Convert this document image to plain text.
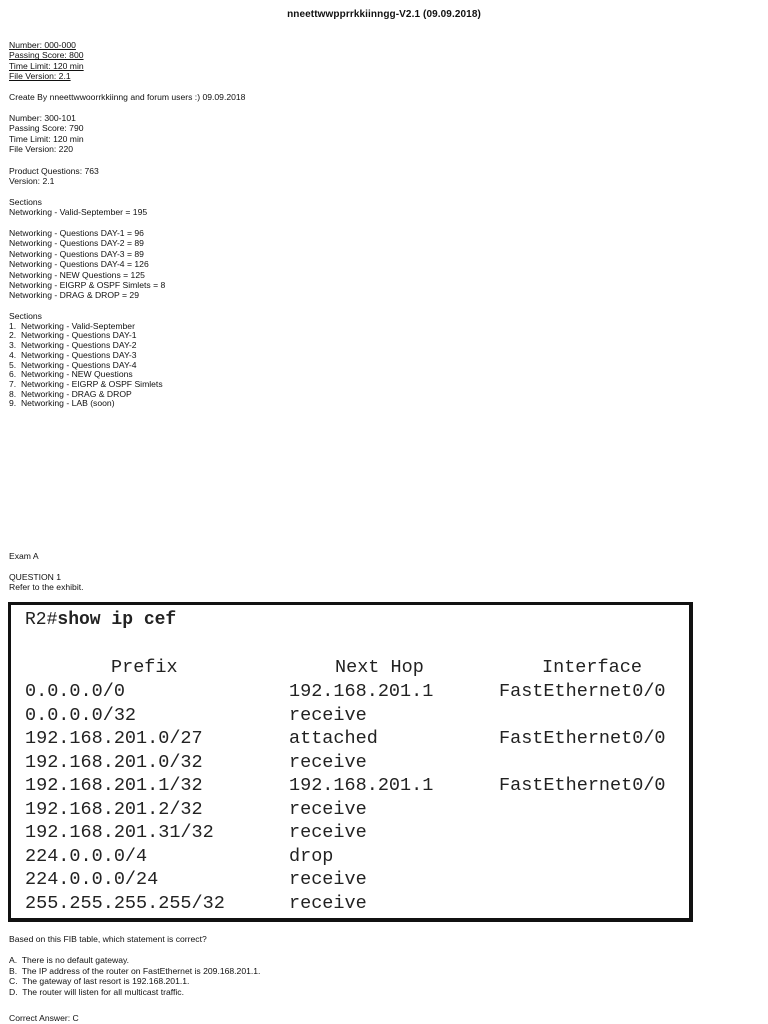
nneettwwpprrkkiinngg-V2.1 (09.09.2018)
Number: 000-000
Passing Score: 800
Time Limit: 120 min
File Version: 2.1
Create By nneettwwoorrkkiinng and forum users :) 09.09.2018
Number: 300-101
Passing Score: 790
Time Limit: 120 min
File Version: 220
Product Questions: 763
Version: 2.1
Sections
Networking - Valid-September = 195
Networking - Questions DAY-1 = 96
Networking - Questions DAY-2 = 89
Networking - Questions DAY-3 = 89
Networking - Questions DAY-4 = 126
Networking - NEW Questions = 125
Networking - EIGRP & OSPF Simlets = 8
Networking - DRAG & DROP = 29
Sections
1.  Networking - Valid-September
2.  Networking - Questions DAY-1
3.  Networking - Questions DAY-2
4.  Networking - Questions DAY-3
5.  Networking - Questions DAY-4
6.  Networking - NEW Questions
7.  Networking - EIGRP & OSPF Simlets
8.  Networking - DRAG & DROP
9.  Networking - LAB (soon)
Exam A
QUESTION 1
Refer to the exhibit.
R2#show ip cef
Prefix	Next Hop	Interface
0.0.0.0/0	192.168.201.1	FastEthernet0/0
0.0.0.0/32	receive
192.168.201.0/27	attached	FastEthernet0/0
192.168.201.0/32	receive
192.168.201.1/32	192.168.201.1	FastEthernet0/0
192.168.201.2/32	receive
192.168.201.31/32	receive
224.0.0.0/4	drop
224.0.0.0/24	receive
255.255.255.255/32	receive
Based on this FIB table, which statement is correct?
A.  There is no default gateway.
B.  The IP address of the router on FastEthernet is 209.168.201.1.
C.  The gateway of last resort is 192.168.201.1.
D.  The router will listen for all multicast traffic.
Correct Answer: C
